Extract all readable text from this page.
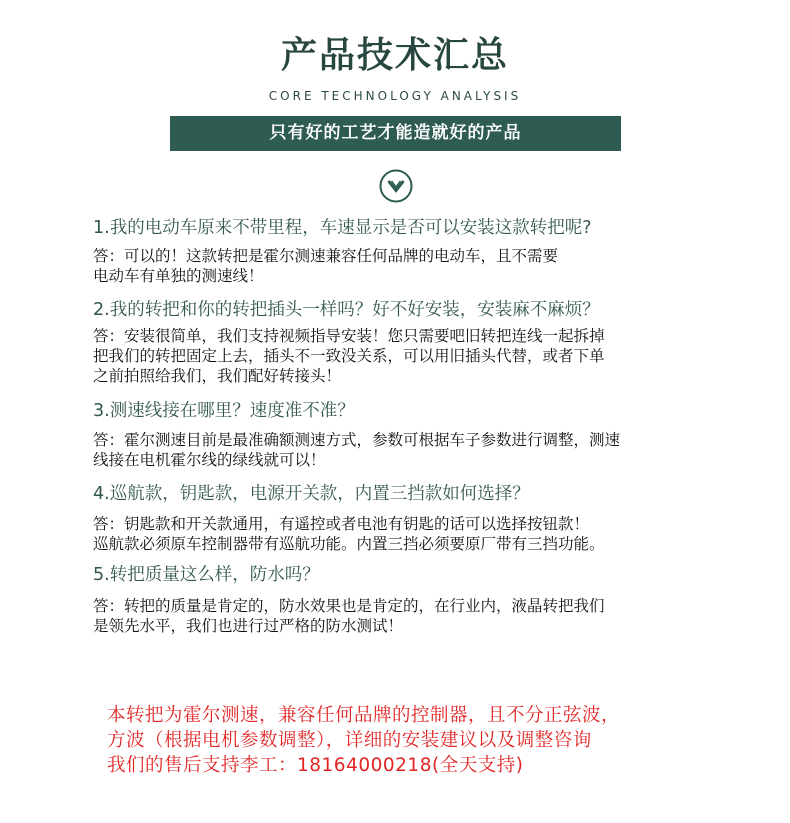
产品技术汇总
CORE TECHNOLOGY ANALYSIS
只有好的工艺才能造就好的产品
1.我的电动车原来不带里程，车速显示是否可以安装这款转把呢?
答：可以的！这款转把是霍尔测速兼容任何品牌的电动车，且不需要
电动车有单独的测速线！
2.我的转把和你的转把插头一样吗？好不好安装，安装麻不麻烦？
答：安装很简单，我们支持视频指导安装！您只需要吧旧转把连线一起拆掉
把我们的转把固定上去，插头不一致没关系，可以用旧插头代替，或者下单
之前拍照给我们，我们配好转接头！
3.测速线接在哪里？速度准不准？
答：霍尔测速目前是最准确额测速方式，参数可根据车子参数进行调整，测速
线接在电机霍尔线的绿线就可以！
4.巡航款，钥匙款，电源开关款，内置三挡款如何选择？
答：钥匙款和开关款通用，有遥控或者电池有钥匙的话可以选择按钮款！
巡航款必须原车控制器带有巡航功能。内置三挡必须要原厂带有三挡功能。
5.转把质量这么样，防水吗？
答：转把的质量是肯定的，防水效果也是肯定的，在行业内，液晶转把我们
是领先水平，我们也进行过严格的防水测试！
本转把为霍尔测速，兼容任何品牌的控制器，且不分正弦波，
方波（根据电机参数调整），详细的安装建议以及调整咨询
我们的售后支持李工：18164000218(全天支持)
